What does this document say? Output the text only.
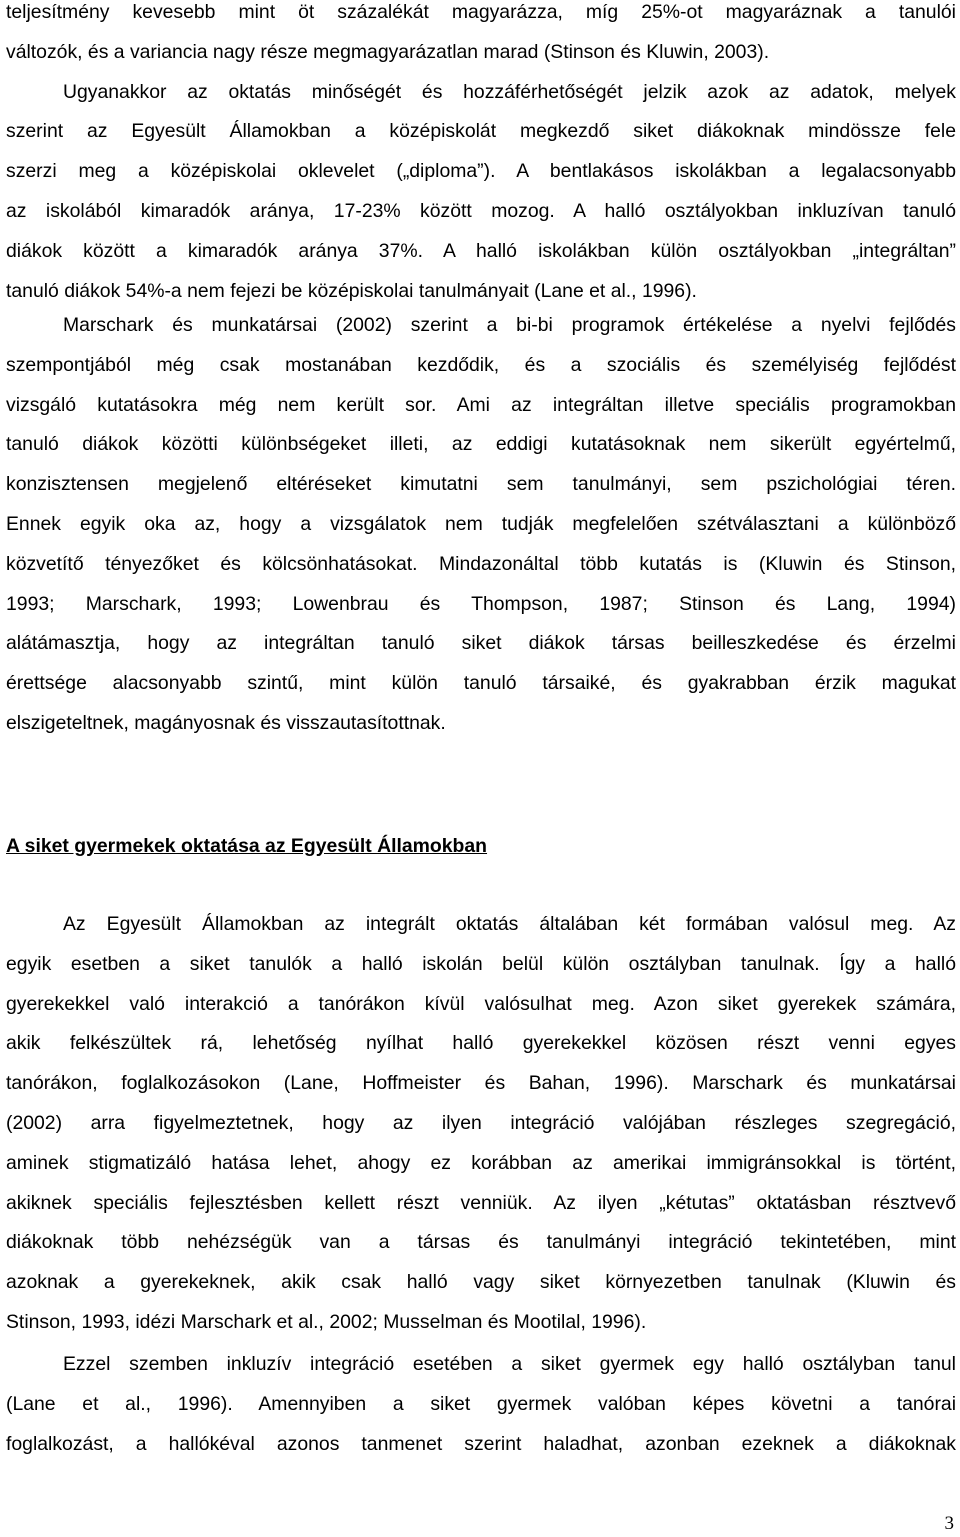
teljesítmény kevesebb mint öt százalékát magyarázza, míg 25%-ot magyaráznak a tanulói
változók, és a variancia nagy része megmagyarázatlan marad (Stinson és Kluwin, 2003).
Ugyanakkor az oktatás minőségét és hozzáférhetőségét jelzik azok az adatok, melyek
szerint az Egyesült Államokban a középiskolát megkezdő siket diákoknak mindössze fele
szerzi meg a középiskolai oklevelet („diploma”). A bentlakásos iskolákban a legalacsonyabb
az iskolából kimaradók aránya, 17-23% között mozog. A halló osztályokban inkluzívan tanuló
diákok között a kimaradók aránya 37%. A halló iskolákban külön osztályokban „integráltan”
tanuló diákok 54%-a nem fejezi be középiskolai tanulmányait (Lane et al., 1996).
Marschark és munkatársai (2002) szerint a bi-bi programok értékelése a nyelvi fejlődés
szempontjából még csak mostanában kezdődik, és a szociális és személyiség fejlődést
vizsgáló kutatásokra még nem került sor. Ami az integráltan illetve speciális programokban
tanuló diákok közötti különbségeket illeti, az eddigi kutatásoknak nem sikerült egyértelmű,
konzisztensen megjelenő eltéréseket kimutatni sem tanulmányi, sem pszichológiai téren.
Ennek egyik oka az, hogy a vizsgálatok nem tudják megfelelően szétválasztani a különböző
közvetítő tényezőket és kölcsönhatásokat. Mindazonáltal több kutatás is (Kluwin és Stinson,
1993; Marschark, 1993; Lowenbrau és Thompson, 1987; Stinson és Lang, 1994)
alátámasztja, hogy az integráltan tanuló siket diákok társas beilleszkedése és érzelmi
érettsége alacsonyabb szintű, mint külön tanuló társaiké, és gyakrabban érzik magukat
elszigeteltnek, magányosnak és visszautasítottnak.
A siket gyermekek oktatása az Egyesült Államokban
Az Egyesült Államokban az integrált oktatás általában két formában valósul meg. Az
egyik esetben a siket tanulók a halló iskolán belül külön osztályban tanulnak. Így a halló
gyerekekkel való interakció a tanórákon kívül valósulhat meg. Azon siket gyerekek számára,
akik felkészültek rá, lehetőség nyílhat halló gyerekekkel közösen részt venni egyes
tanórákon, foglalkozásokon (Lane, Hoffmeister és Bahan, 1996). Marschark és munkatársai
(2002) arra figyelmeztetnek, hogy az ilyen integráció valójában részleges szegregáció,
aminek stigmatizáló hatása lehet, ahogy ez korábban az amerikai immigránsokkal is történt,
akiknek speciális fejlesztésben kellett részt venniük. Az ilyen „kétutas” oktatásban résztvevő
diákoknak több nehézségük van a társas és tanulmányi integráció tekintetében, mint
azoknak a gyerekeknek, akik csak halló vagy siket környezetben tanulnak (Kluwin és
Stinson, 1993, idézi Marschark et al., 2002; Musselman és Mootilal, 1996).
Ezzel szemben inkluzív integráció esetében a siket gyermek egy halló osztályban tanul
(Lane et al., 1996). Amennyiben a siket gyermek valóban képes követni a tanórai
foglalkozást, a hallókéval azonos tanmenet szerint haladhat, azonban ezeknek a diákoknak
3
